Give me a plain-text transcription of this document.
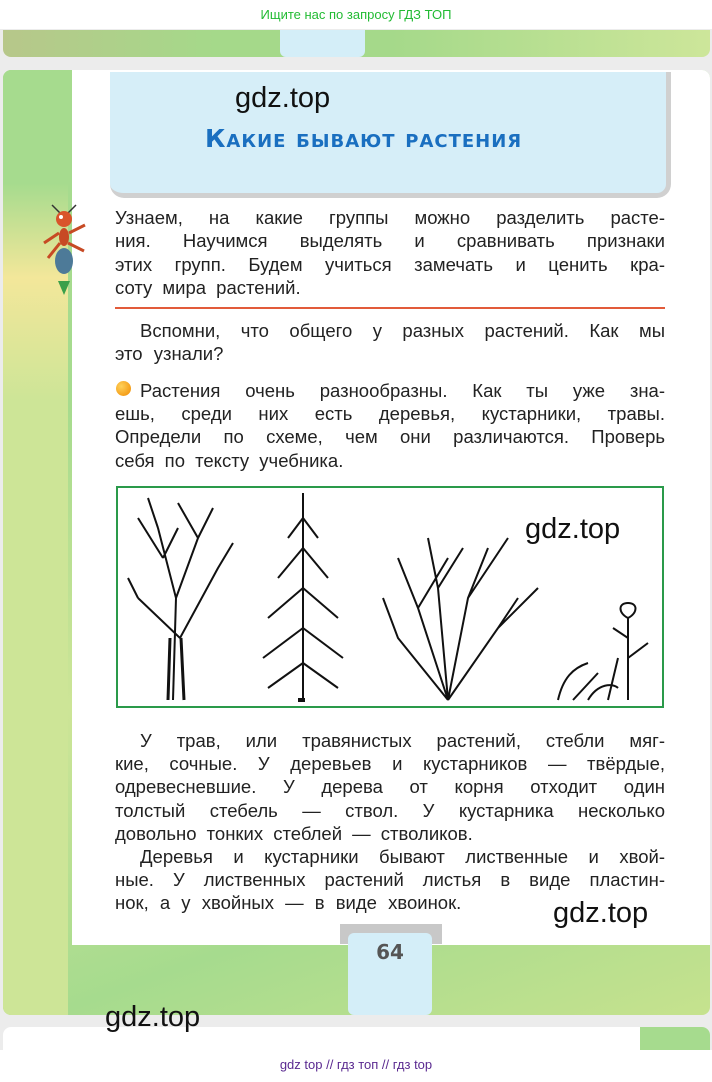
Какие бывают растения
gdz.top

Узнаем, на какие группы можно разделить расте-

ния. Научимся выделять и сравнивать признаки

этих групп. Будем учиться замечать и ценить кра-

соту мира растений.

Вспомни, что общего у разных растений. Как мы

это узнали?

Растения очень разнообразны. Как ты уже зна-

ешь, среди них есть деревья, кустарники, травы.

Определи по схеме, чем они различаются. Проверь

себя по тексту учебника.

gdz.top

У трав, или травянистых растений, стебли мяг-

кие, сочные. У деревьев и кустарников — твёрдые,

одревесневшие. У дерева от корня отходит один

толстый стебель — ствол. У кустарника несколько

довольно тонких стеблей — стволиков.

Деревья и кустарники бывают лиственные и хвой-

ные. У лиственных растений листья в виде пластин-

нок, а у хвойных — в виде хвоинок.	gdz.top
64
gdz.top
gdz top // гдз топ // гдз top
Ищите нас по запросу ГДЗ ТОП
